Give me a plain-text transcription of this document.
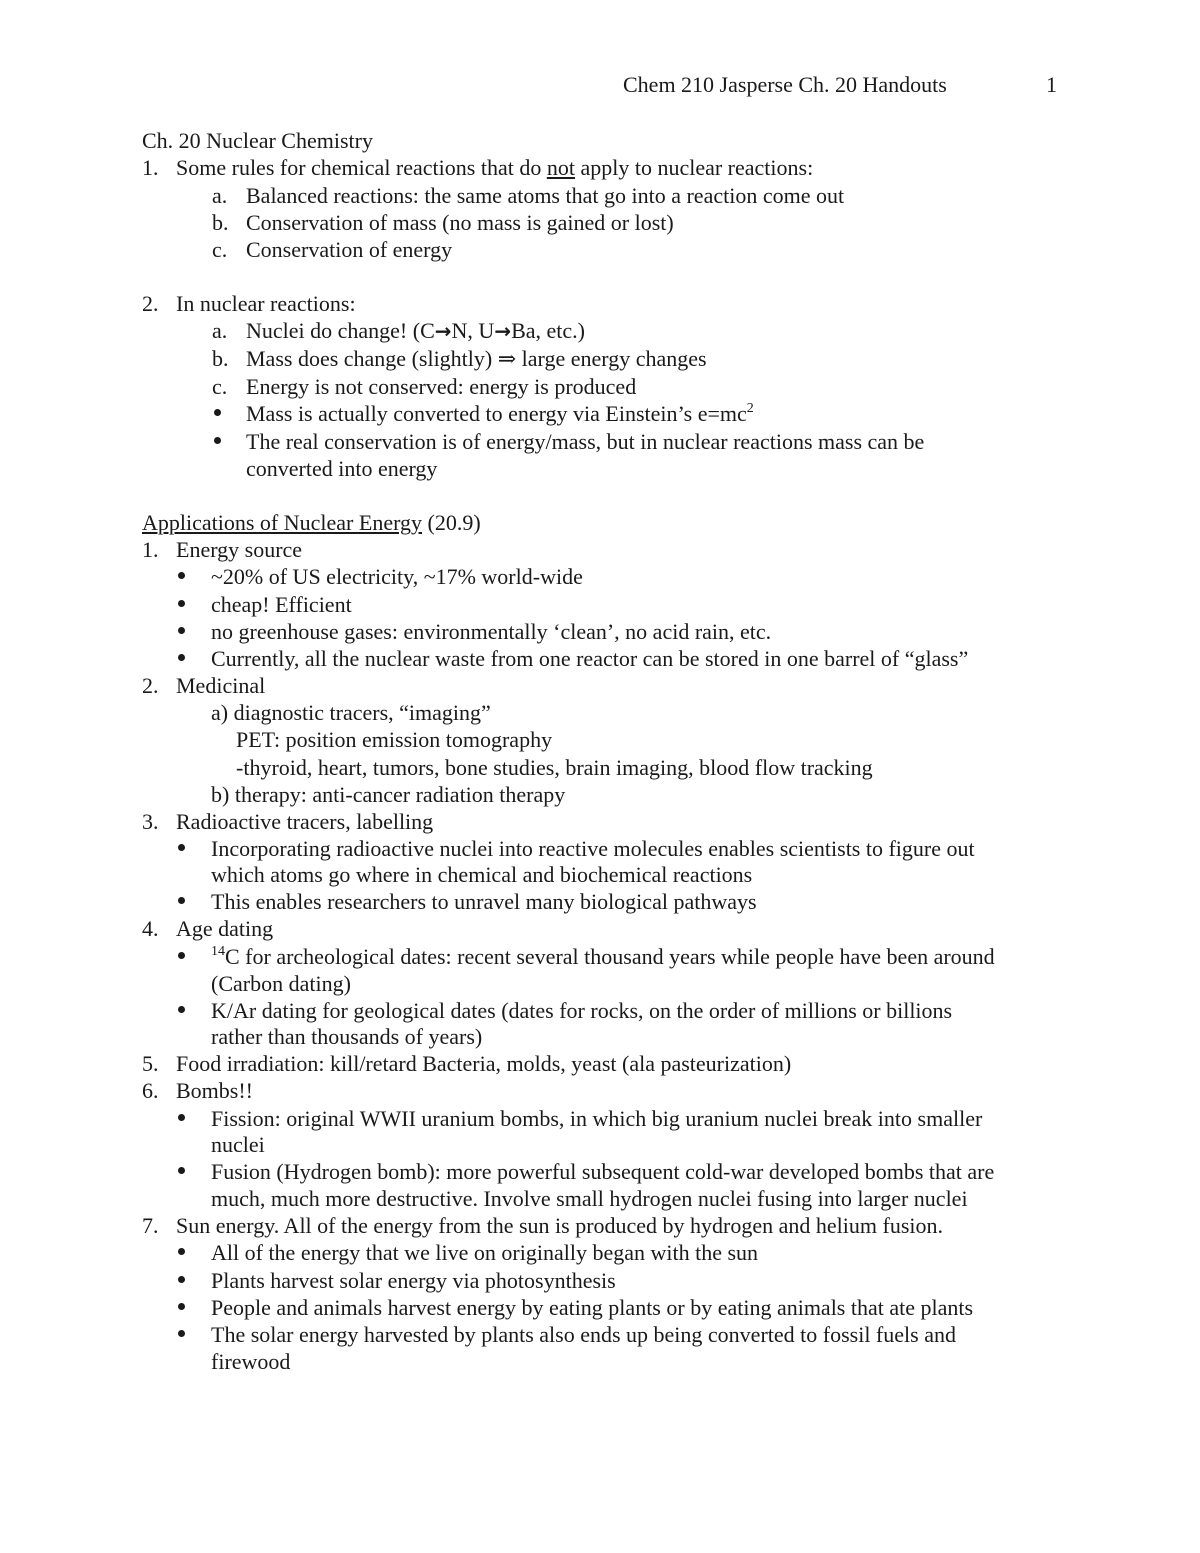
Chem 210 Jasperse Ch. 20 Handouts	1
Ch. 20 Nuclear Chemistry
1. Some rules for chemical reactions that do not apply to nuclear reactions:
a. Balanced reactions: the same atoms that go into a reaction come out
b. Conservation of mass (no mass is gained or lost)
c. Conservation of energy
2. In nuclear reactions:
a. Nuclei do change! (C→N, U→Ba, etc.)
b. Mass does change (slightly) ⇒ large energy changes
c. Energy is not conserved: energy is produced
Mass is actually converted to energy via Einstein’s $e=mc^2$
The real conservation is of energy/mass, but in nuclear reactions mass can be
converted into energy
Applications of Nuclear Energy (20.9)
1. Energy source
~20% of US electricity, ~17% world-wide
cheap! Efficient
no greenhouse gases: environmentally ‘clean’, no acid rain, etc.
Currently, all the nuclear waste from one reactor can be stored in one barrel of “glass”
2. Medicinal
a) diagnostic tracers, “imaging”
PET: position emission tomography
-thyroid, heart, tumors, bone studies, brain imaging, blood flow tracking
b) therapy: anti-cancer radiation therapy
3. Radioactive tracers, labelling
Incorporating radioactive nuclei into reactive molecules enables scientists to figure out
which atoms go where in chemical and biochemical reactions
This enables researchers to unravel many biological pathways
4. Age dating
$^{14}$C for archeological dates: recent several thousand years while people have been around
(Carbon dating)
K/Ar dating for geological dates (dates for rocks, on the order of millions or billions
rather than thousands of years)
5. Food irradiation: kill/retard Bacteria, molds, yeast (ala pasteurization)
6. Bombs!!
Fission: original WWII uranium bombs, in which big uranium nuclei break into smaller
nuclei
Fusion (Hydrogen bomb): more powerful subsequent cold-war developed bombs that are
much, much more destructive. Involve small hydrogen nuclei fusing into larger nuclei
7. Sun energy. All of the energy from the sun is produced by hydrogen and helium fusion.
All of the energy that we live on originally began with the sun
Plants harvest solar energy via photosynthesis
People and animals harvest energy by eating plants or by eating animals that ate plants
The solar energy harvested by plants also ends up being converted to fossil fuels and
firewood
